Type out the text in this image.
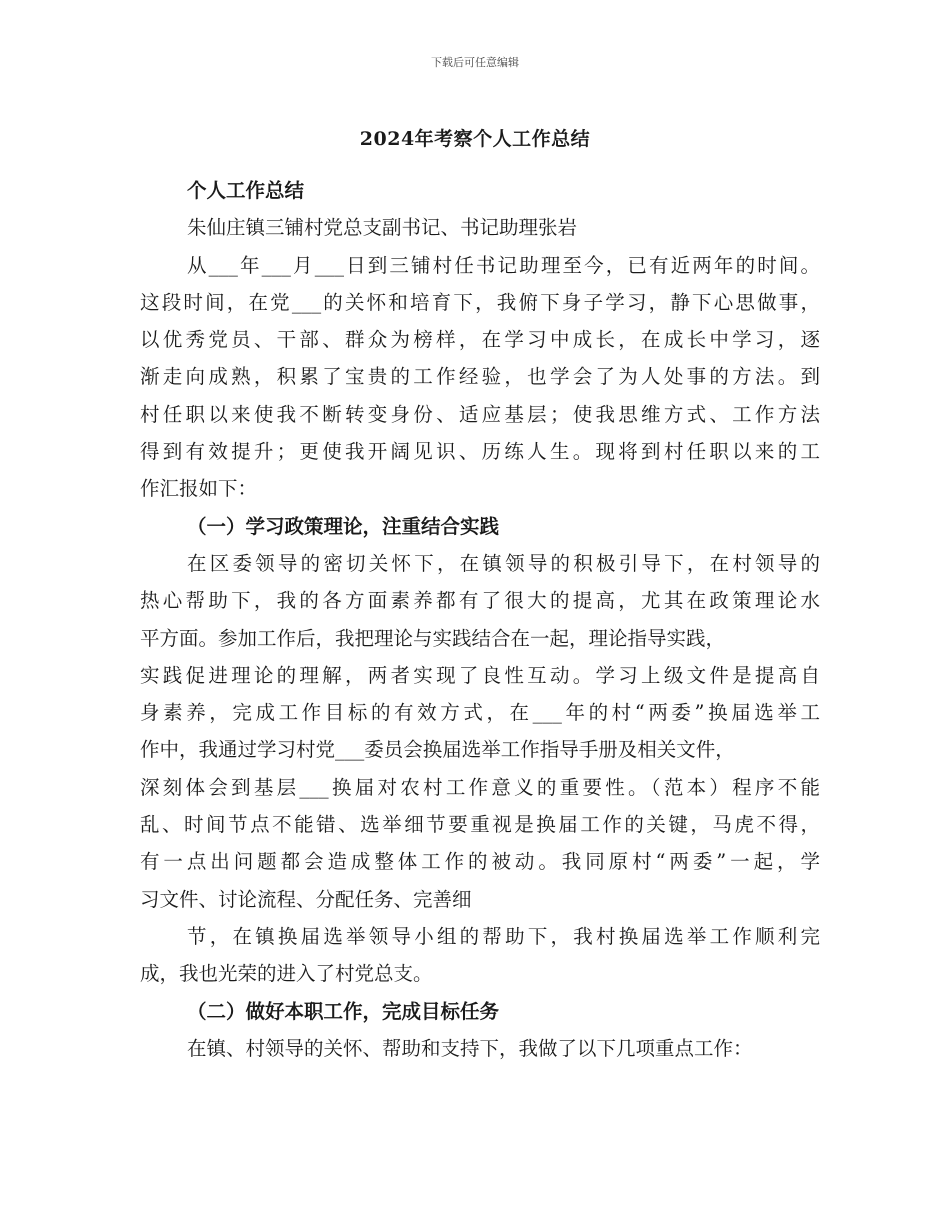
下载后可任意编辑
2024年考察个人工作总结
个人工作总结
朱仙庄镇三铺村党总支副书记、书记助理张岩
从___年___月___日到三铺村任书记助理至今，已有近两年的时间。
这段时间，在党___的关怀和培育下，我俯下身子学习，静下心思做事，
以优秀党员、干部、群众为榜样，在学习中成长，在成长中学习，逐
渐走向成熟，积累了宝贵的工作经验，也学会了为人处事的方法。到
村任职以来使我不断转变身份、适应基层；使我思维方式、工作方法
得到有效提升；更使我开阔见识、历练人生。现将到村任职以来的工
作汇报如下：
（一）学习政策理论，注重结合实践
在区委领导的密切关怀下，在镇领导的积极引导下，在村领导的
热心帮助下，我的各方面素养都有了很大的提高，尤其在政策理论水
平方面。参加工作后，我把理论与实践结合在一起，理论指导实践，
实践促进理论的理解，两者实现了良性互动。学习上级文件是提高自
身素养，完成工作目标的有效方式，在___年的村“两委”换届选举工
作中，我通过学习村党___委员会换届选举工作指导手册及相关文件，
深刻体会到基层___换届对农村工作意义的重要性。（范本）程序不能
乱、时间节点不能错、选举细节要重视是换届工作的关键，马虎不得，
有一点出问题都会造成整体工作的被动。我同原村“两委”一起，学
习文件、讨论流程、分配任务、完善细
节，在镇换届选举领导小组的帮助下，我村换届选举工作顺利完
成，我也光荣的进入了村党总支。
（二）做好本职工作，完成目标任务
在镇、村领导的关怀、帮助和支持下，我做了以下几项重点工作：
